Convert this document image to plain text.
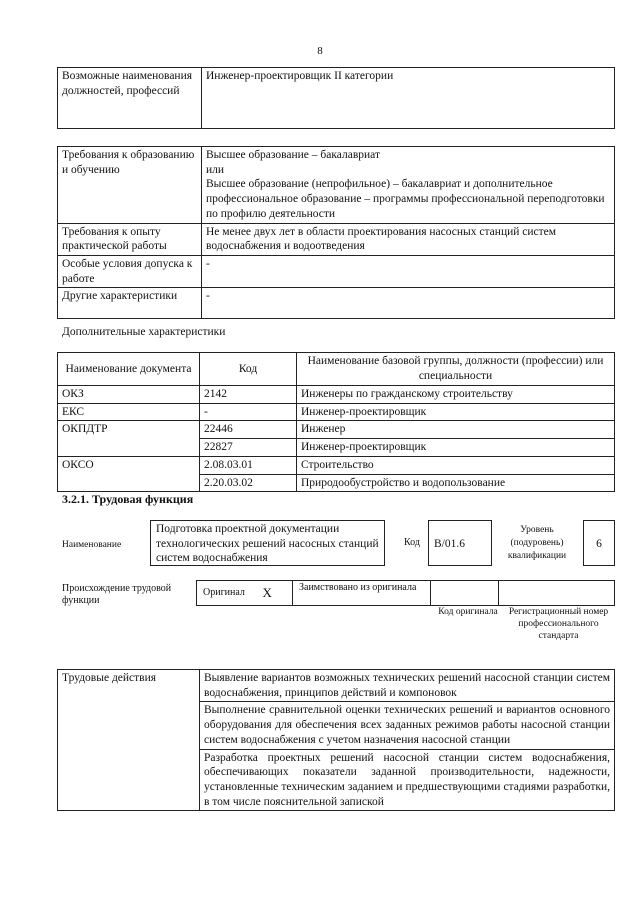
8
Возможные наименования должностей, профессий	Инженер-проектировщик II категории
Требования к образованию и обучению	Высшее образование – бакалавриат
или
Высшее образование (непрофильное) – бакалавриат и дополнительное профессиональное образование – программы профессиональной переподготовки по профилю деятельности
Требования к опыту практической работы	Не менее двух лет в области проектирования насосных станций систем водоснабжения и водоотведения
Особые условия допуска к работе	-
Другие характеристики	-
Дополнительные характеристики
Наименование документа	Код	Наименование базовой группы, должности (профессии) или специальности
ОКЗ	2142	Инженеры по гражданскому строительству
ЕКС	-	Инженер-проектировщик
ОКПДТР	22446	Инженер
	22827	Инженер-проектировщик
ОКСО	2.08.03.01	Строительство
	2.20.03.02	Природообустройство и водопользование
3.2.1. Трудовая функция
Наименование
Подготовка проектной документации технологических решений насосных станций систем водоснабжения
Код	B/01.6
Уровень (подуровень) квалификации
6
Происхождение трудовой функции
Оригинал	X	Заимствовано из оригинала		
Код оригинала	Регистрационный номер профессионального стандарта
Трудовые действия	Выявление вариантов возможных технических решений насосной станции систем водоснабжения, принципов действий и компоновок
Выполнение сравнительной оценки технических решений и вариантов основного оборудования для обеспечения всех заданных режимов работы насосной станции систем водоснабжения с учетом назначения насосной станции
Разработка проектных решений насосной станции систем водоснабжения, обеспечивающих показатели заданной производительности, надежности, установленные техническим заданием и предшествующими стадиями разработки, в том числе пояснительной запиской
